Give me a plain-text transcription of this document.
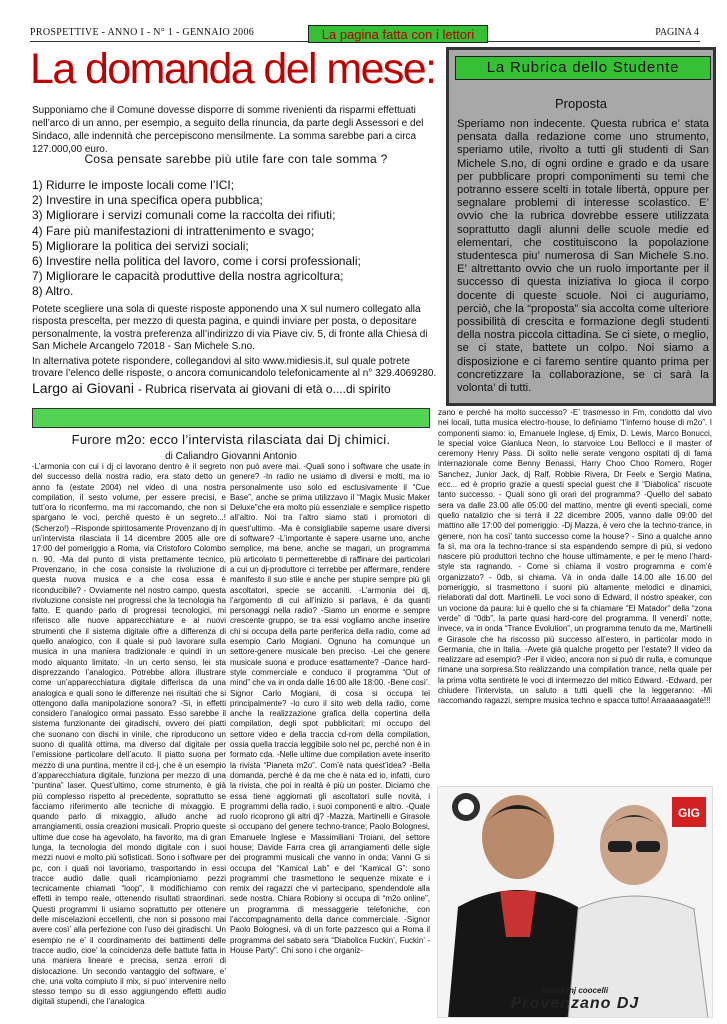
PROSPETTIVE - ANNO I - N° 1 - GENNAIO 2006	La pagina fatta con i lettori	PAGINA 4
La domanda del mese:

Supponiamo che il Comune dovesse disporre di somme rivenienti da risparmi effettuati nell’arco di un anno, per esempio, a seguito della rinuncia, da parte degli Assessori e del Sindaco, alle indennità che percepiscono mensilmente. La somma sarebbe pari a circa 127.000,00 euro.

Cosa pensate sarebbe più utile fare con tale somma ?

1) Ridurre le imposte locali come l’ICI;
2) Investire in una specifica opera pubblica;
3) Migliorare i servizi comunali come la raccolta dei rifiuti;
4) Fare più manifestazioni di intrattenimento e svago;
5) Migliorare la politica dei servizi sociali;
6) Investire nella politica del lavoro, come i corsi professionali;
7) Migliorare le capacità produttive della nostra agricoltura;
8) Altro.

Potete scegliere una sola di queste risposte apponendo una X sul numero collegato alla risposta prescelta, per mezzo di questa pagina, e quindi inviare per posta, o depositare personalmente, la vostra preferenza all’indirizzo di via Piave civ. 5, di fronte alla Chiesa di San Michele Arcangelo 72018 - San Michele S.no.

In alternativa potete rispondere, collegandovi al sito www.midiesis.it, sul quale potrete trovare l’elenco delle risposte, o ancora comunicandolo telefonicamente al n° 329.4069280.

Largo ai Giovani - Rubrica riservata ai giovani di età o....di spirito
La Rubrica dello Studente
Proposta

Speriamo non indecente. Questa rubrica e’ stata pensata dalla redazione come uno strumento, speriamo utile, rivolto a tutti gli studenti di San Michele S.no, di ogni ordine e grado e da usare per pubblicare propri componimenti su temi che potranno essere scelti in totale libertà, oppure per segnalare problemi di interesse scolastico. E’ ovvio che la rubrica dovrebbe essere utilizzata soprattutto dagli alunni delle scuole medie ed elementari, che costituiscono la popolazione studentesca piu’ numerosa di San Michele S.no. E’ altrettanto ovvio che un ruolo importante per il successo di questa iniziativa lo gioca il corpo docente di queste scuole. Noi ci auguriamo, perciò, che la “proposta” sia accolta come ulteriore possibilità di crescita e formazione degli studenti della nostra piccola cittadina. Se ci siete, o meglio, se ci state, battete un colpo. Noi siamo a disposizione e ci faremo sentire quanto prima per concretizzare la collaborazione, se ci sarà la volonta’ di tutti.

Furore m2o: ecco l’intervista rilasciata dai Dj chimici.
di Caliandro Giovanni Antonio

-L’armonia con cui i dj ci lavorano dentro è il segreto del successo della nostra radio, era stato detto un anno fa (estate 2004) nel video di una nostra compilation, il sesto volume, per essere precisi, e tutt’ora lo riconfermo, ma mi raccomando, che non si spargano le voci, perché questo è un segreto...! (Scherzo!) –Risponde spiritosamente Provenzano dj in un’intervista rilasciata il 14 dicembre 2005 alle ore 17:00 del pomeriggio a Roma, via Cristoforo Colombo n. 90. -Ma dal punto di vista prettamente tecnico, Provenzano, in che cosa consiste la rivoluzione di questa nuova musica e a che cosa essa è riconducibile? - Ovviamente nel nostro campo, questa rivoluzione consiste nei progressi che la tecnologia ha fatto. E quando parlo di progressi tecnologici, mi riferisco alle nuove apparecchiature e ai nuovi strumenti che il sistema digitale offre a differenza di quello analogico, con il quale si può lavorare sulla musica in una maniera tradizionale e quindi in un modo alquanto limitato. -In un certo senso, lei sta disprezzando l’analogico. Potrebbe allora illustrare come un’apparecchiatura digitale differisca da una analogica e quali sono le differenze nei risultati che si ottengono dalla manipolazione sonora? -Sì, in effetti considero l’analogico ormai passato. Esso sarebbe il sistema funzionante dei giradischi, ovvero dei piatti che suonano con dischi in vinile, che riproducono un suono di qualità ottima, ma diverso dal digitale per l’emissione particolare dell’acuto. Il piatto suona per mezzo di una puntina, mentre il cd-j, che è un esempio d’apparecchiatura digitale, funziona per mezzo di una “puntina” laser. Quest’ultimo, come strumento, è già più complesso rispetto al precedente, soprattutto se facciamo riferimento alle tecniche di mixaggio. E quando parlo di mixaggio, alludo anche ad arrangiamenti, ossia creazioni musicali. Proprio queste ultime due cose ha agevolato, ha favorito, ma di gran lunga, la tecnologia del mondo digitale con i suoi mezzi nuovi e molto più sofisticati. Sono i software per pc, con i quali noi lavoriamo, trasportando in essi tracce audio dalle quali ricampioniamo pezzi tecnicamente chiamati “loop”, li modifichiamo con effetti in tempo reale, ottenendo risultati straordinari. Questi programmi li usiamo soprattutto per ottenere delle miscelazioni eccellenti, che non si possono mai avere così’ alla perfezione con l’uso dei giradischi. Un esempio ne e’ il coordinamento dei battimenti delle tracce audio, cioe’ la coincidenza delle battute fatta in una maniera lineare e precisa, senza errori di dislocazione. Un secondo vantaggio del software, e’ che, una volta compiuto il mix, si puo’ intervenire nello stesso tempo su di esso aggiungendo effetti audio digitali stupendi, che l’analogica

non può avere mai. -Quali sono i software che usate in genere? -In radio ne usiamo di diversi e molti, ma io personalmente uso solo ed esclusivamente il “Cue Base”, anche se prima utilizzavo il “Magix Music Maker Deluxe”che era molto più essenziale e semplice rispetto all’altro. Noi tra l’altro siamo stati i promotori di quest’ultimo. -Ma è consigliabile saperne usare diversi di software? -L’importante è sapere usarne uno, anche semplice, ma bene, anche se magari, un programma più articolato ti permetterebbe di raffinare dei particolari a cui un dj-produttore ci terrebbe per affermare, rendere manifesto il suo stile e anche per stupire sempre più gli ascoltatori, specie se accaniti. -L’armonia dei dj, l’argomento di cui all’inizio si parlava, è da quanti personaggi nella radio? -Siamo un enorme e sempre crescente gruppo, se tra essi vogliamo anche inserire chi si occupa della parte periferica della radio, come ad esempio Carlo Mogiani. Ognuno ha comunque un settore-genere musicale ben preciso. -Lei che genere musicale suona e produce esattamente? -Dance hard-style commerciale e conduco il programma “Out of mind” che va in onda dalle 16:00 alle 18:00. -Bene così’. Signor Carlo Mogiani, di cosa si occupa lei principalmente? -Io curo il sito web della radio, come anche la realizzazione grafica della copertina della compilation, degli spot pubblicitari; mi occupo del settore video e della traccia cd-rom della compilation, ossia quella traccia leggibile solo nel pc, perché non è in formato cda. -Nelle ultime due compilation avete inserito la rivista “Pianeta m2o”. Com’è nata quest’idea? -Bella domanda, perché è da me che è nata ed io, infatti, curo la rivista, che poi in realtà è più un poster. Diciamo che essa tiene aggiornati gli ascoltatori sulle novità, i programmi della radio, i suoi componenti e altro. -Quale ruolo ricoprono gli altri dj? -Mazza, Martinelli e Girasole si occupano del genere techno-trance; Paolo Bolognesi, Emanuele Inglese e Massimiliani Troiani, del settore house; Davide Farra crea gli arrangiamenti delle sigle dei programmi musicali che vanno in onda; Vanni G si occupa del “Kamical Lab” e del “Kamical G”: sono programmi che trasmettono le sequenze mixate e i remix dei ragazzi che vi partecipano, spendendole alla sede nostra. Chiara Robiony si occupa di “m2o online”, un programma di messaggerie telefoniche, con l’accompagnamento della dance commerciale. -Signor Paolo Bolognesi, và di un forte pazzesco qui a Roma il programma del sabato sera “Diabolica Fuckin’, Fuckin’ - House Party”. Chi sono i che organiz-

zano e perché ha molto successo? -E’ trasmesso in Fm, condotto dal vivo nei locali, tutta musica electro-house, lo definiamo “l’inferno house di m2o”. I componenti siamo: io, Emanuele Inglese, dj Emix, D. Lewis, Marco Bonucci, le special voice Gianluca Neon, lo starvoice Lou Bellocci e il master of ceremony Henry Pass. Di solito nelle serate vengono ospitati dj di fama internazionale come Benny Benassi, Harry Choo Choo Romero, Roger Sanchez, Junior Jack, dj Ralf, Robbie Rivera, Dr Feelx e Sergio Matina, ecc... ed è proprio grazie a questi special guest che il “Diabolica” riscuote tanto successo. - Quali sono gli orari del programma? -Quello del sabato sera va dalle 23.00 alle 05:00 del mattino, mentre gli eventi speciali, come quello natalizio che si terrà il 22 dicembre 2005, vanno dalle 09:00 del mattino alle 17:00 del pomeriggio. -Dj Mazza, è vero che la techno-trance, in genere, non ha così’ tanto successo come la house? - Sino a qualche anno fa sì, ma ora la techno-trance si sta espandendo sempre di più, si vedono nascere più produttori techno che house ultimamente, e per le meno l’hard-style sta ragnando. - Come si chiama il vostro programma e com’è organizzato? - 0db, si chiama. Và in onda dalle 14.00 alle 16.00 del pomeriggio, si trasmettono i suoni più altamente melodici e dinamici, rielaborati dal dott. Martinelli. Le voci sono di Edward, il nostro speaker, con un vocione da paura: lui è quello che si fa chiamare “El Matador” della “zona verde” di “0db”, la parte quasi hard-core del programma. Il venerdì’ notte, invece, va in onda “Trance Evolution”, un programma tenuto da me, Martinelli e Girasole che ha riscosso più successo all’estero, in particolar modo in Germania, che in Italia. -Avete già qualche progetto per l’estate? Il video da realizzare ad esempio? -Per il video, ancora non si può dir nulla, e comunque rimane una sorpresa.Sto realizzando una compilation trance, nella quale per la prima volta sentirete le voci di intermezzo del mitico Edward. -Edward, per chiudere l’intervista, un saluto a tutti quelli che la leggeranno: -Mi raccomando ragazzi, sempre musica techno e spacca tutto! Arraaaaaagate!!!

GIG
mixxa jnj coocelli
Provenzano DJ
